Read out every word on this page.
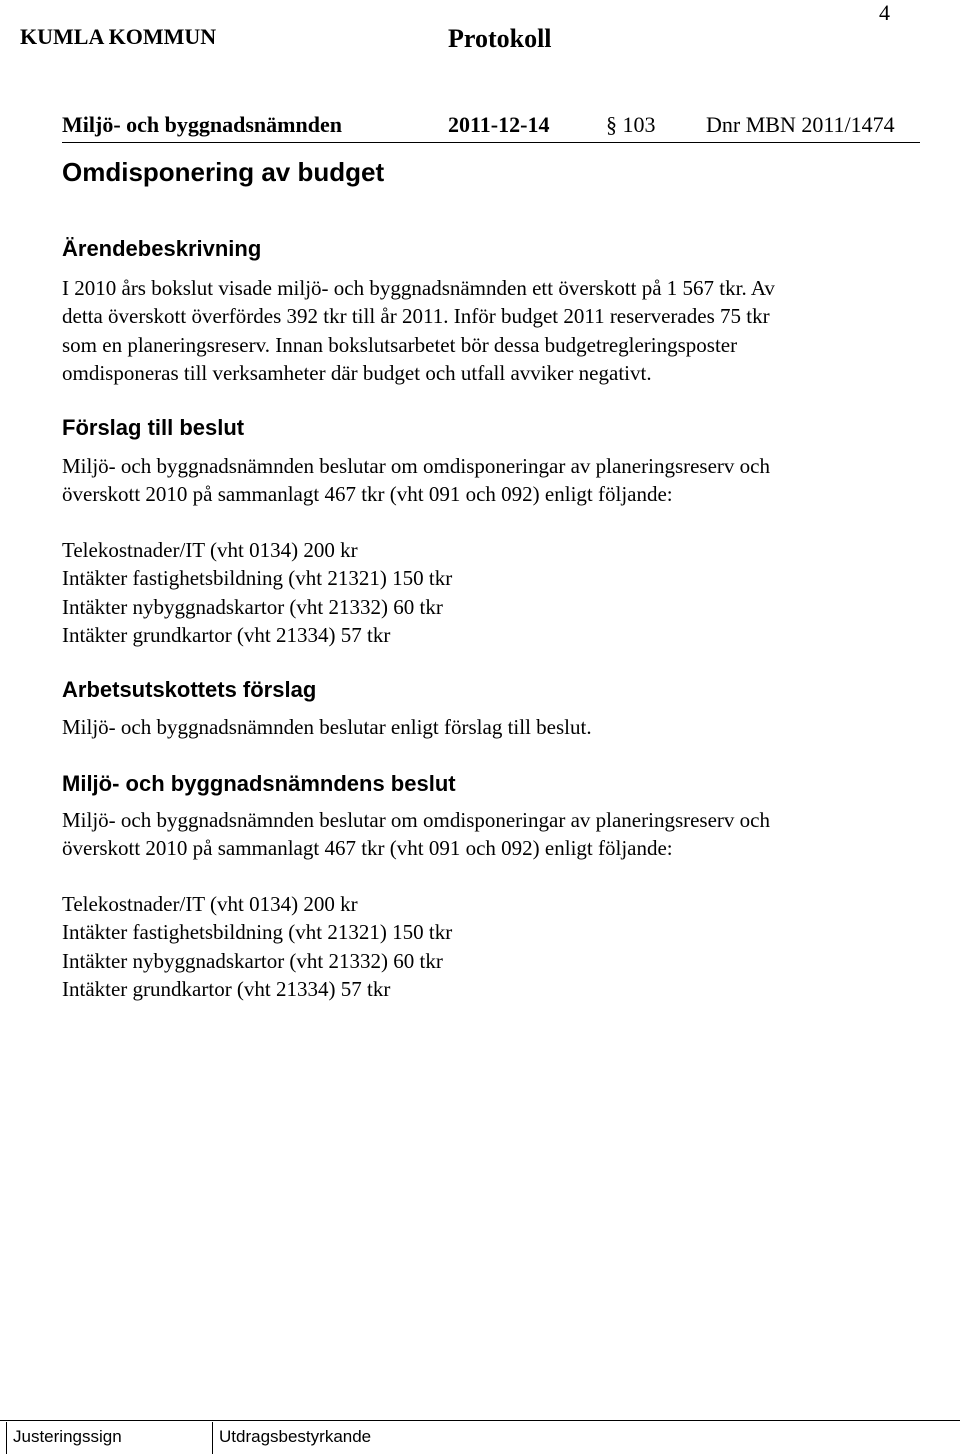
4
KUMLA KOMMUN	Protokoll
Miljö- och byggnadsnämnden	2011-12-14	§ 103 Dnr MBN 2011/1474
Omdisponering av budget
Ärendebeskrivning
I 2010 års bokslut visade miljö- och byggnadsnämnden ett överskott på 1 567 tkr. Av
detta överskott överfördes 392 tkr till år 2011. Inför budget 2011 reserverades 75 tkr
som en planeringsreserv. Innan bokslutsarbetet bör dessa budgetregleringsposter
omdisponeras till verksamheter där budget och utfall avviker negativt.
Förslag till beslut
Miljö- och byggnadsnämnden beslutar om omdisponeringar av planeringsreserv och
överskott 2010 på sammanlagt 467 tkr (vht 091 och 092) enligt följande:
Telekostnader/IT (vht 0134) 200 kr
Intäkter fastighetsbildning (vht 21321) 150 tkr
Intäkter nybyggnadskartor (vht 21332) 60 tkr
Intäkter grundkartor (vht 21334) 57 tkr
Arbetsutskottets förslag
Miljö- och byggnadsnämnden beslutar enligt förslag till beslut.
Miljö- och byggnadsnämndens beslut
Miljö- och byggnadsnämnden beslutar om omdisponeringar av planeringsreserv och
överskott 2010 på sammanlagt 467 tkr (vht 091 och 092) enligt följande:
Telekostnader/IT (vht 0134) 200 kr
Intäkter fastighetsbildning (vht 21321) 150 tkr
Intäkter nybyggnadskartor (vht 21332) 60 tkr
Intäkter grundkartor (vht 21334) 57 tkr
Justeringssign	Utdragsbestyrkande
